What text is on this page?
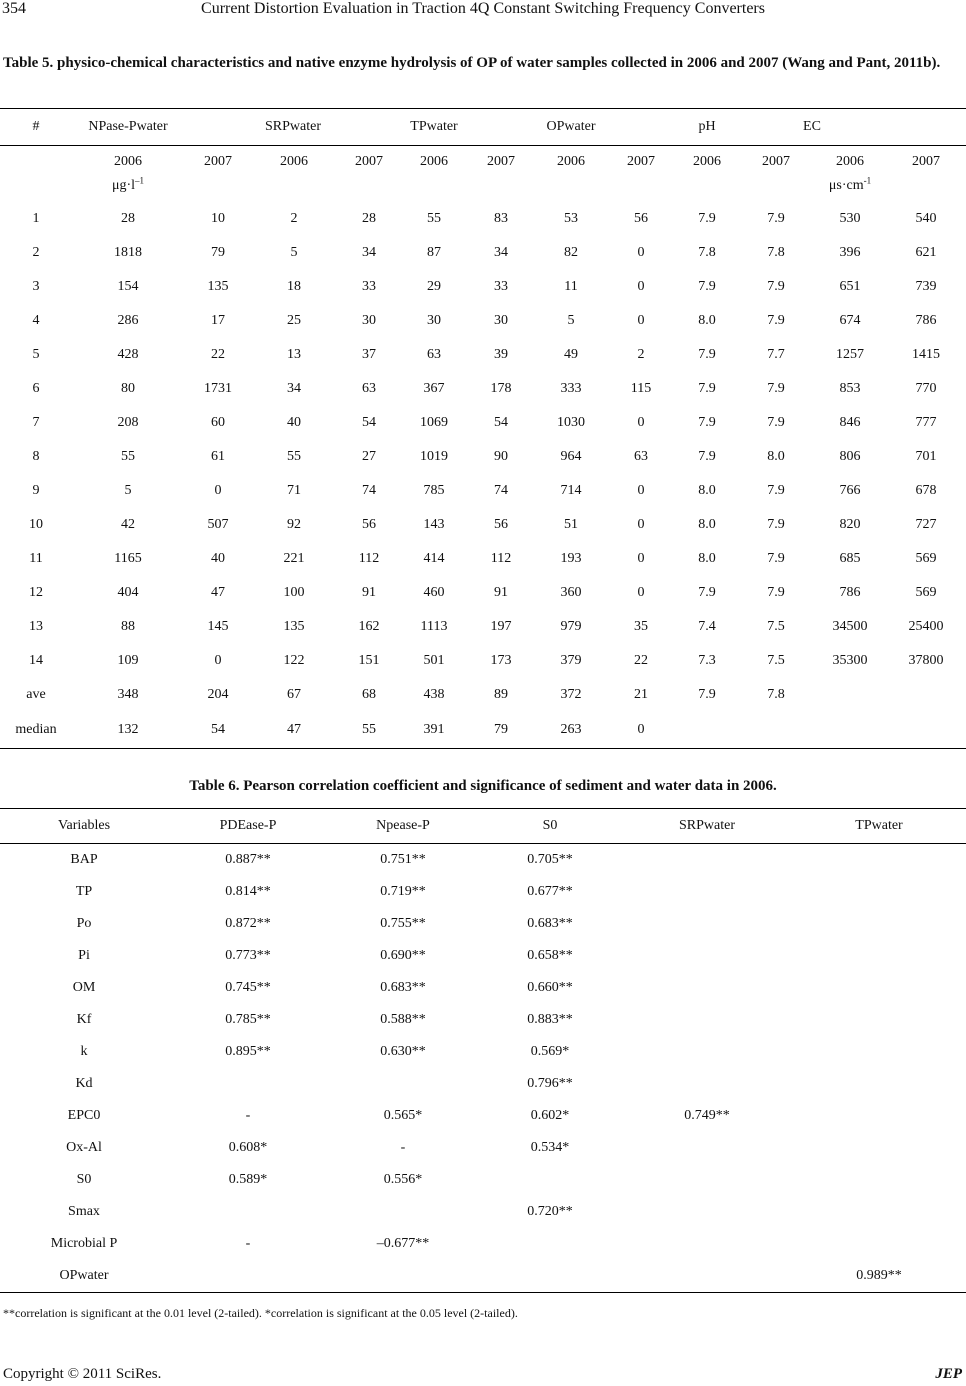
354	Current Distortion Evaluation in Traction 4Q Constant Switching Frequency Converters
Table 5. physico-chemical characteristics and native enzyme hydrolysis of OP of water samples collected in 2006 and 2007 (Wang and Pant, 2011b).
#	NPase-Pwater	SRPwater			TPwater	OPwater			pH	EC		
	2006	2007	2006	2007	2006	2007	2006	2007	2006	2007	2006	2007
	$\mu g\cdot l^{-1}$										$\mu s\cdot cm^{-1}$	
1	28	10	2	28	55	83	53	56	7.9	7.9	530	540
2	1818	79	5	34	87	34	82	0	7.8	7.8	396	621
3	154	135	18	33	29	33	11	0	7.9	7.9	651	739
4	286	17	25	30	30	30	5	0	8.0	7.9	674	786
5	428	22	13	37	63	39	49	2	7.9	7.7	1257	1415
6	80	1731	34	63	367	178	333	115	7.9	7.9	853	770
7	208	60	40	54	1069	54	1030	0	7.9	7.9	846	777
8	55	61	55	27	1019	90	964	63	7.9	8.0	806	701
9	5	0	71	74	785	74	714	0	8.0	7.9	766	678
10	42	507	92	56	143	56	51	0	8.0	7.9	820	727
11	1165	40	221	112	414	112	193	0	8.0	7.9	685	569
12	404	47	100	91	460	91	360	0	7.9	7.9	786	569
13	88	145	135	162	1113	197	979	35	7.4	7.5	34500	25400
14	109	0	122	151	501	173	379	22	7.3	7.5	35300	37800
ave	348	204	67	68	438	89	372	21	7.9	7.8		
median	132	54	47	55	391	79	263	0				
Table 6. Pearson correlation coefficient and significance of sediment and water data in 2006.
Variables	PDEase-P	Npease-P	S0	SRPwater	TPwater
BAP	0.887**	0.751**	0.705**		
TP	0.814**	0.719**	0.677**		
Po	0.872**	0.755**	0.683**		
Pi	0.773**	0.690**	0.658**		
OM	0.745**	0.683**	0.660**		
Kf	0.785**	0.588**	0.883**		
k	0.895**	0.630**	0.569*		
Kd			0.796**		
EPC0	-	0.565*	0.602*	0.749**	
Ox-Al	0.608*	-	0.534*		
S0	0.589*	0.556*			
Smax			0.720**		
Microbial P	-	–0.677**			
OPwater					0.989**
**correlation is significant at the 0.01 level (2-tailed). *correlation is significant at the 0.05 level (2-tailed).
Copyright © 2011 SciRes.	JEP
